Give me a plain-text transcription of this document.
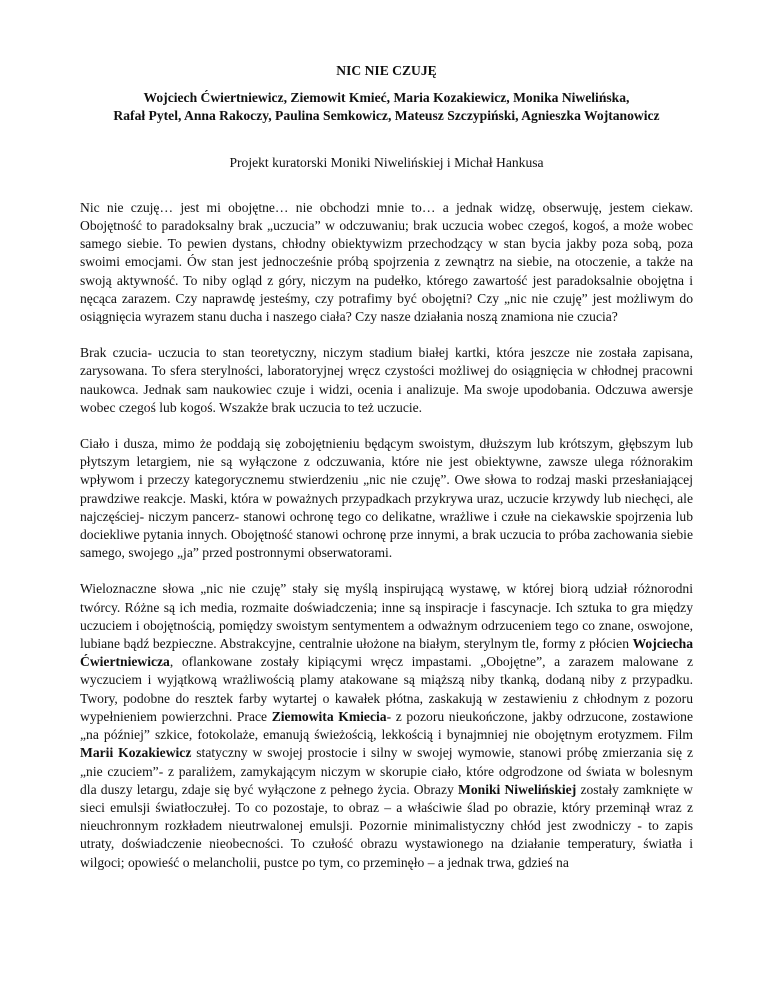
NIC NIE CZUJĘ
Wojciech Ćwiertniewicz, Ziemowit Kmieć, Maria Kozakiewicz, Monika Niwelińska,
Rafał Pytel, Anna Rakoczy, Paulina Semkowicz, Mateusz Szczypiński, Agnieszka Wojtanowicz
Projekt kuratorski Moniki Niwelińskiej i Michał Hankusa

Nic nie czuję… jest mi obojętne… nie obchodzi mnie to… a jednak widzę, obserwuję, jestem ciekaw. Obojętność to paradoksalny brak „uczucia” w odczuwaniu; brak uczucia wobec czegoś, kogoś, a może wobec samego siebie. To pewien dystans, chłodny obiektywizm przechodzący w stan bycia jakby poza sobą, poza swoimi emocjami. Ów stan jest jednocześnie próbą spojrzenia z zewnątrz na siebie, na otoczenie, a także na swoją aktywność. To niby ogląd z góry, niczym na pudełko, którego zawartość jest paradoksalnie obojętna i nęcąca zarazem. Czy naprawdę jesteśmy, czy potrafimy być obojętni? Czy „nic nie czuję” jest możliwym do osiągnięcia wyrazem stanu ducha i naszego ciała? Czy nasze działania noszą znamiona nie czucia?

Brak czucia- uczucia to stan teoretyczny, niczym stadium białej kartki, która jeszcze nie została zapisana, zarysowana. To sfera sterylności, laboratoryjnej wręcz czystości możliwej do osiągnięcia w chłodnej pracowni naukowca. Jednak sam naukowiec czuje i widzi, ocenia i analizuje. Ma swoje upodobania. Odczuwa awersje wobec czegoś lub kogoś. Wszakże brak uczucia to też uczucie.

Ciało i dusza, mimo że poddają się zobojętnieniu będącym swoistym, dłuższym lub krótszym, głębszym lub płytszym letargiem, nie są wyłączone z odczuwania, które nie jest obiektywne, zawsze ulega różnorakim wpływom i przeczy kategorycznemu stwierdzeniu „nic nie czuję”. Owe słowa to rodzaj maski przesłaniającej prawdziwe reakcje. Maski, która w poważnych przypadkach przykrywa uraz, uczucie krzywdy lub niechęci, ale najczęściej- niczym pancerz- stanowi ochronę tego co delikatne, wrażliwe i czułe na ciekawskie spojrzenia lub dociekliwe pytania innych. Obojętność stanowi ochronę prze innymi, a brak uczucia to próba zachowania siebie samego, swojego „ja” przed postronnymi obserwatorami.

Wieloznaczne słowa „nic nie czuję” stały się myślą inspirującą wystawę, w której biorą udział różnorodni twórcy. Różne są ich media, rozmaite doświadczenia; inne są inspiracje i fascynacje. Ich sztuka to gra między uczuciem i obojętnością, pomiędzy swoistym sentymentem a odważnym odrzuceniem tego co znane, oswojone, lubiane bądź bezpieczne. Abstrakcyjne, centralnie ułożone na białym, sterylnym tle, formy z płócien Wojciecha Ćwiertniewicza, oflankowane zostały kipiącymi wręcz impastami. „Obojętne”, a zarazem malowane z wyczuciem i wyjątkową wrażliwością plamy atakowane są miąższą niby tkanką, dodaną niby z przypadku. Twory, podobne do resztek farby wytartej o kawałek płótna, zaskakują w zestawieniu z chłodnym z pozoru wypełnieniem powierzchni. Prace Ziemowita Kmiecia- z pozoru nieukończone, jakby odrzucone, zostawione „na później” szkice, fotokolaże, emanują świeżością, lekkością i bynajmniej nie obojętnym erotyzmem. Film Marii Kozakiewicz statyczny w swojej prostocie i silny w swojej wymowie, stanowi próbę zmierzania się z „nie czuciem”- z paraliżem, zamykającym niczym w skorupie ciało, które odgrodzone od świata w bolesnym dla duszy letargu, zdaje się być wyłączone z pełnego życia. Obrazy Moniki Niwelińskiej zostały zamknięte w sieci emulsji światłoczułej. To co pozostaje, to obraz – a właściwie ślad po obrazie, który przeminął wraz z nieuchronnym rozkładem nieutrwalonej emulsji. Pozornie minimalistyczny chłód jest zwodniczy - to zapis utraty, doświadczenie nieobecności. To czułość obrazu wystawionego na działanie temperatury, światła i wilgoci; opowieść o melancholii, pustce po tym, co przeminęło – a jednak trwa, gdzieś na
